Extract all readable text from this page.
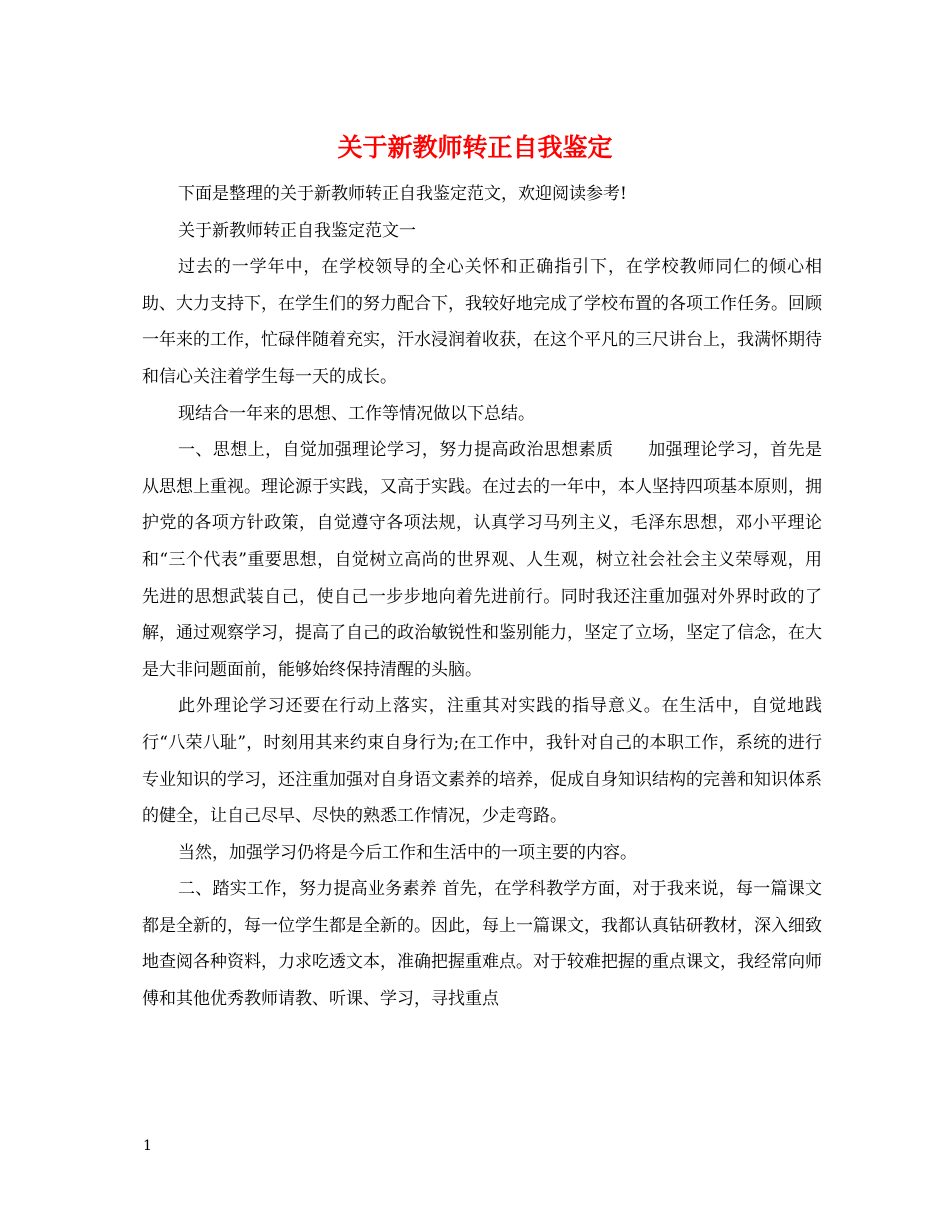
关于新教师转正自我鉴定

下面是整理的关于新教师转正自我鉴定范文，欢迎阅读参考!

关于新教师转正自我鉴定范文一

过去的一学年中，在学校领导的全心关怀和正确指引下，在学校教师同仁的倾心相助、大力支持下，在学生们的努力配合下，我较好地完成了学校布置的各项工作任务。回顾一年来的工作，忙碌伴随着充实，汗水浸润着收获，在这个平凡的三尺讲台上，我满怀期待和信心关注着学生每一天的成长。

现结合一年来的思想、工作等情况做以下总结。

一、思想上，自觉加强理论学习，努力提高政治思想素质　　加强理论学习，首先是从思想上重视。理论源于实践，又高于实践。在过去的一年中，本人坚持四项基本原则，拥护党的各项方针政策，自觉遵守各项法规，认真学习马列主义，毛泽东思想，邓小平理论和“三个代表”重要思想，自觉树立高尚的世界观、人生观，树立社会社会主义荣辱观，用先进的思想武装自己，使自己一步步地向着先进前行。同时我还注重加强对外界时政的了解，通过观察学习，提高了自己的政治敏锐性和鉴别能力，坚定了立场，坚定了信念，在大是大非问题面前，能够始终保持清醒的头脑。

此外理论学习还要在行动上落实，注重其对实践的指导意义。在生活中，自觉地践行“八荣八耻”，时刻用其来约束自身行为;在工作中，我针对自己的本职工作，系统的进行专业知识的学习，还注重加强对自身语文素养的培养，促成自身知识结构的完善和知识体系的健全，让自己尽早、尽快的熟悉工作情况，少走弯路。

当然，加强学习仍将是今后工作和生活中的一项主要的内容。

二、踏实工作，努力提高业务素养 首先，在学科教学方面，对于我来说，每一篇课文都是全新的，每一位学生都是全新的。因此，每上一篇课文，我都认真钻研教材，深入细致地查阅各种资料，力求吃透文本，准确把握重难点。对于较难把握的重点课文，我经常向师傅和其他优秀教师请教、听课、学习，寻找重点

1
